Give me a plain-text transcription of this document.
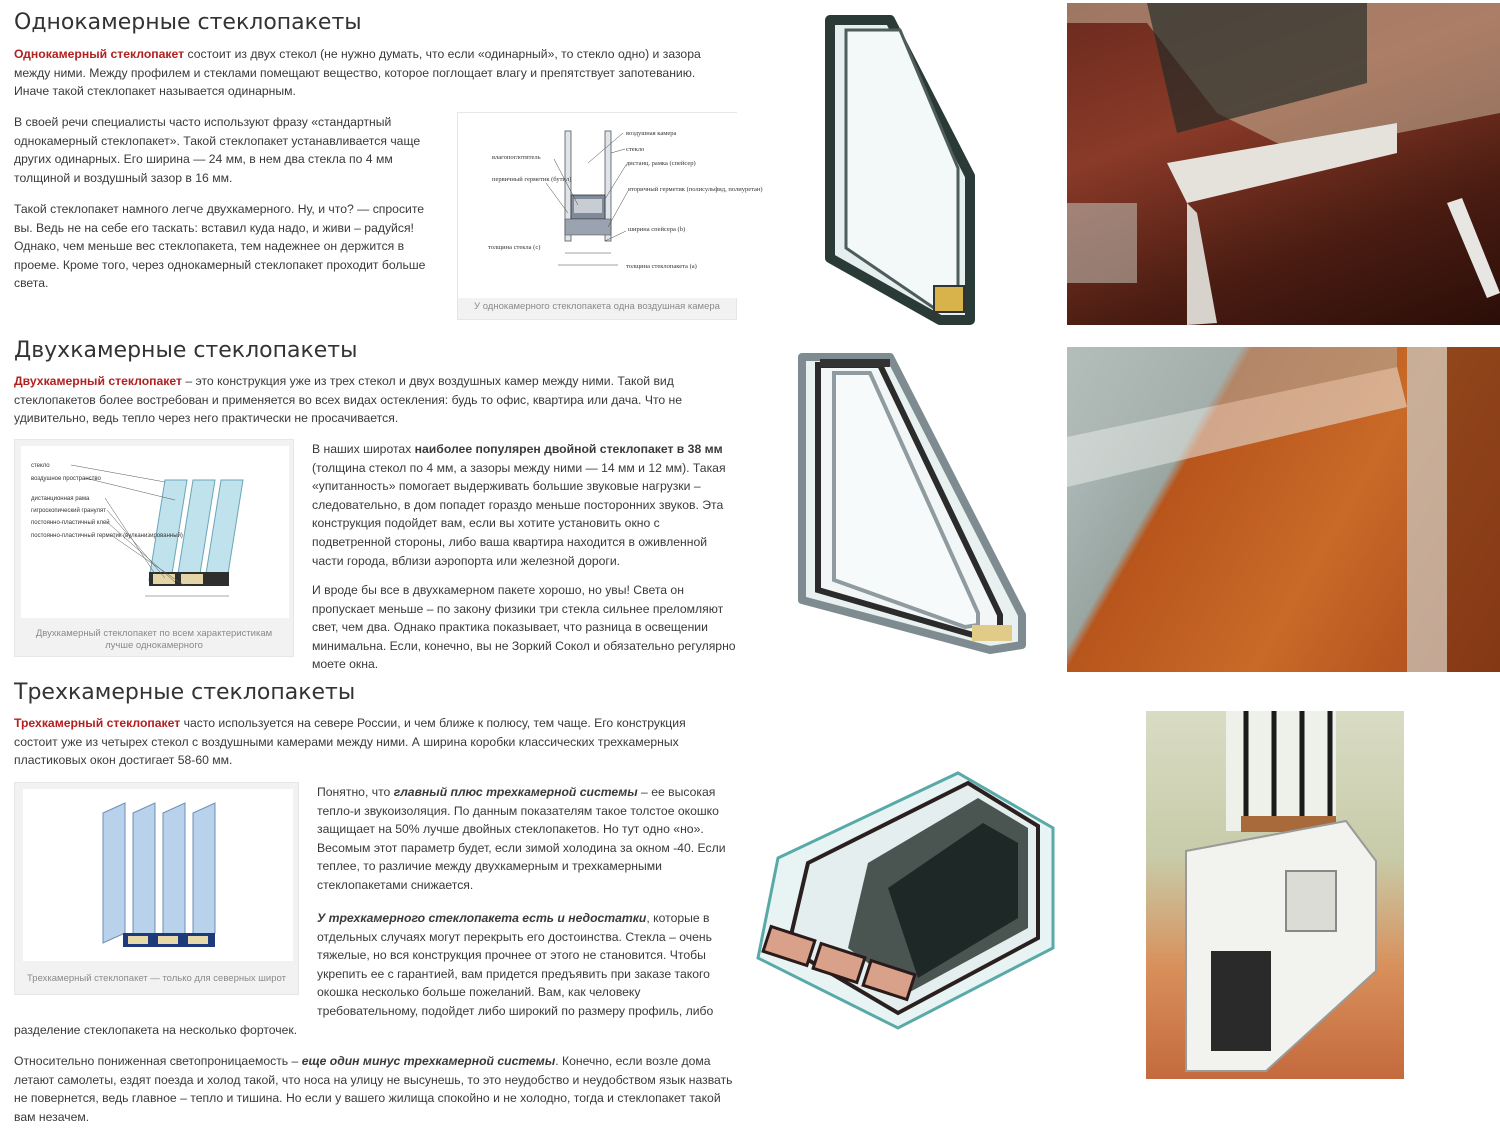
Однокамерные стеклопакеты

Однокамерный стеклопакет состоит из двух стекол (не нужно думать, что если «одинарный», то стекло одно) и зазора между ними. Между профилем и стеклами помещают вещество, которое поглощает влагу и препятствует запотеванию. Иначе такой стеклопакет называется одинарным.

В своей речи специалисты часто используют фразу «стандартный однокамерный стеклопакет». Такой стеклопакет устанавливается чаще других одинарных. Его ширина — 24 мм, в нем два стекла по 4 мм толщиной и воздушный зазор в 16 мм.

Такой стеклопакет намного легче двухкамерного. Ну, и что? — спросите вы. Ведь не на себе его таскать: вставил куда надо, и живи – радуйся! Однако, чем меньше вес стеклопакета, тем надежнее он держится в проеме. Кроме того, через однокамерный стеклопакет проходит больше света.

воздушная камера
стекло
дистанц. рамка (спейсер)
влагопоглотитель
первичный герметик (бутил)
вторичный герметик (полисульфид, полиуретан)
ширина спейсера (b)
толщина стекла (с)
толщина стеклопакета (а)
У однокамерного стеклопакета одна воздушная камера
Двухкамерные стеклопакеты

Двухкамерный стеклопакет – это конструкция уже из трех стекол и двух воздушных камер между ними. Такой вид стеклопакетов более востребован и применяется во всех видах остекления: будь то офис, квартира или дача. Что не удивительно, ведь тепло через него практически не просачивается.

стекло
воздушное пространство
дистанционная рама
гигроскопический гранулят
постоянно-пластичный клей
постоянно-пластичный герметик (вулканизированный)
Двухкамерный стеклопакет по всем характеристикам лучше однокамерного

В наших широтах наиболее популярен двойной стеклопакет в 38 мм (толщина стекол по 4 мм, а зазоры между ними — 14 мм и 12 мм). Такая «упитанность» помогает выдерживать большие звуковые нагрузки – следовательно, в дом попадет гораздо меньше посторонних звуков. Эта конструкция подойдет вам, если вы хотите установить окно с подветренной стороны, либо ваша квартира находится в оживленной части города, вблизи аэропорта или железной дороги.

И вроде бы все в двухкамерном пакете хорошо, но увы! Света он пропускает меньше – по закону физики три стекла сильнее преломляют свет, чем два. Однако практика показывает, что разница в освещении минимальна. Если, конечно, вы не Зоркий Сокол и обязательно регулярно моете окна.

Трехкамерные стеклопакеты

Трехкамерный стеклопакет часто используется на севере России, и чем ближе к полюсу, тем чаще. Его конструкция состоит уже из четырех стекол с воздушными камерами между ними. А ширина коробки классических трехкамерных пластиковых окон достигает 58-60 мм.

Трехкамерный стеклопакет — только для северных широт

Понятно, что главный плюс трехкамерной системы – ее высокая тепло-и звукоизоляция. По данным показателям такое толстое окошко защищает на 50% лучше двойных стеклопакетов. Но тут одно «но». Весомым этот параметр будет, если зимой холодина за окном -40. Если теплее, то различие между двухкамерным и трехкамерными стеклопакетами снижается.

У трехкамерного стеклопакета есть и недостатки, которые в отдельных случаях могут перекрыть его достоинства. Стекла – очень тяжелые, но вся конструкция прочнее от этого не становится. Чтобы укрепить ее с гарантией, вам придется предъявить при заказе такого окошка несколько больше пожеланий. Вам, как человеку требовательному, подойдет либо широкий по размеру профиль, либо

разделение стеклопакета на несколько форточек.

Относительно пониженная светопроницаемость – еще один минус трехкамерной системы. Конечно, если возле дома летают самолеты, ездят поезда и холод такой, что носа на улицу не высунешь, то это неудобство и неудобством язык назвать не повернется, ведь главное – тепло и тишина. Но если у вашего жилища спокойно и не холодно, тогда и стеклопакет такой вам незачем.
